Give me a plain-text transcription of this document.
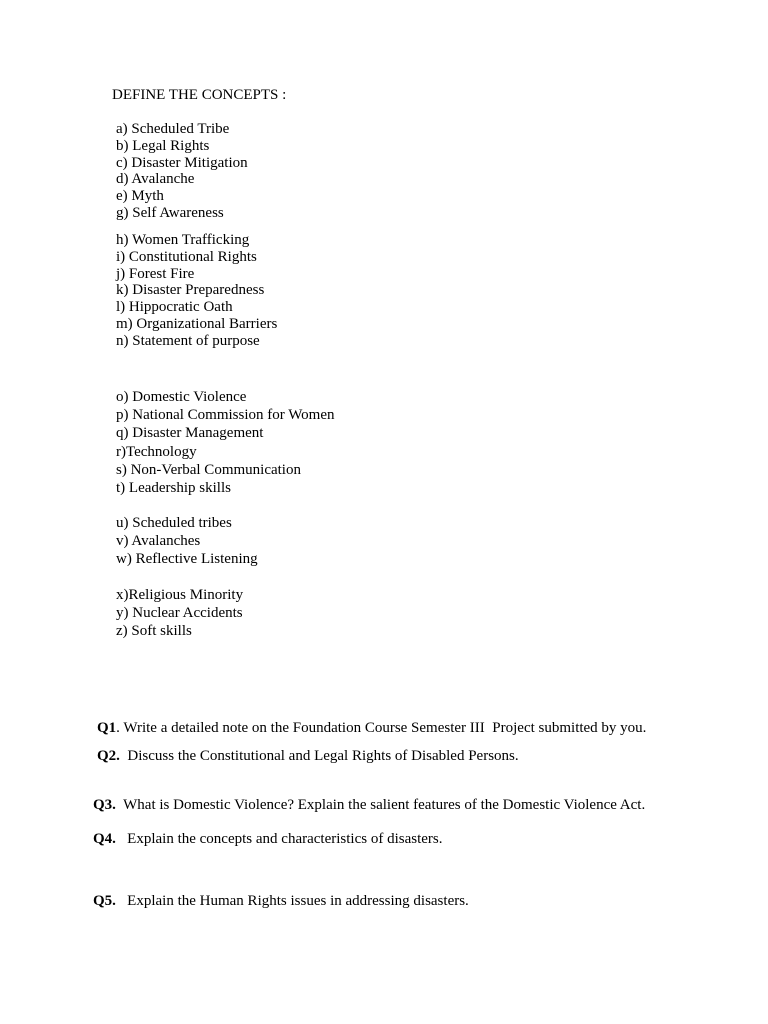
DEFINE THE CONCEPTS :
a) Scheduled Tribe
b) Legal Rights
c) Disaster Mitigation
d) Avalanche
e) Myth
g) Self Awareness
h) Women Trafficking
i) Constitutional Rights
j) Forest Fire
k) Disaster Preparedness
l) Hippocratic Oath
m) Organizational Barriers
n) Statement of purpose
o) Domestic Violence
p) National Commission for Women
q) Disaster Management
r)Technology
s) Non-Verbal Communication
t) Leadership skills
u) Scheduled tribes
v) Avalanches
w) Reflective Listening
x)Religious Minority
y) Nuclear Accidents
z) Soft skills
Q1. Write a detailed note on the Foundation Course Semester III  Project submitted by you.
Q2.  Discuss the Constitutional and Legal Rights of Disabled Persons.
Q3.  What is Domestic Violence? Explain the salient features of the Domestic Violence Act.
Q4.   Explain the concepts and characteristics of disasters.
Q5.   Explain the Human Rights issues in addressing disasters.
